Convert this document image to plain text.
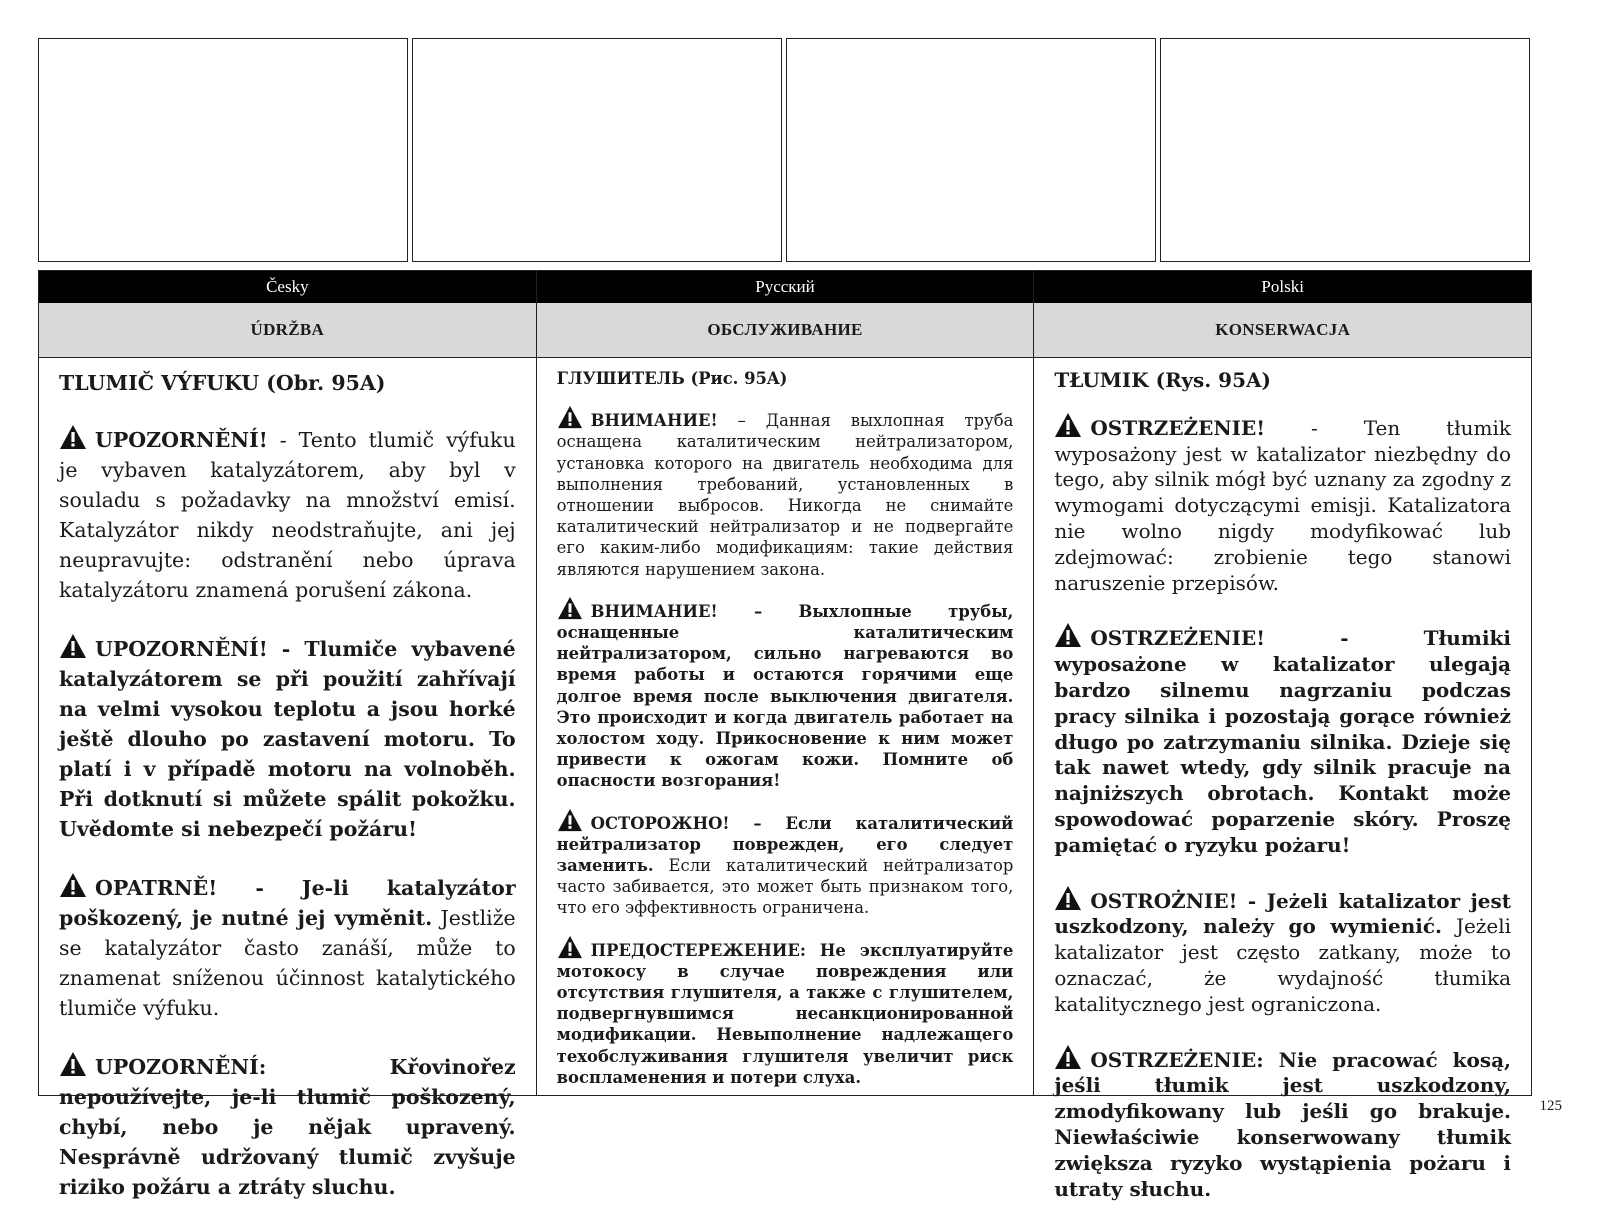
Česky
ÚDRŽBA

TLUMIČ VÝFUKU (Obr. 95A)

UPOZORNĚNÍ! - Tento tlumič výfuku je vybaven katalyzátorem, aby byl v souladu s požadavky na množství emisí. Katalyzátor nikdy neodstraňujte, ani jej neupravujte: odstranění nebo úprava katalyzátoru znamená porušení zákona.

UPOZORNĚNÍ! - Tlumiče vybavené katalyzátorem se při použití zahřívají na velmi vysokou teplotu a jsou horké ještě dlouho po zastavení motoru. To platí i v případě motoru na volnoběh. Při dotknutí si můžete spálit pokožku. Uvědomte si nebezpečí požáru!

OPATRNĚ! - Je-li katalyzátor poškozený, je nutné jej vyměnit. Jestliže se katalyzátor často zanáší, může to znamenat sníženou účinnost katalytického tlumiče výfuku.

UPOZORNĚNÍ: Křovinořez nepoužívejte, je-li tlumič poškozený, chybí, nebo je nějak upravený. Nesprávně udržovaný tlumič zvyšuje riziko požáru a ztráty sluchu.

Русский
ОБСЛУЖИВАНИЕ

ГЛУШИТЕЛЬ (Рис. 95A)

ВНИМАНИЕ! – Данная выхлопная труба оснащена каталитическим нейтрализатором, установка которого на двигатель необходима для выполнения требований, установленных в отношении выбросов. Никогда не снимайте каталитический нейтрализатор и не подвергайте его каким-либо модификациям: такие действия являются нарушением закона.

ВНИМАНИЕ! – Выхлопные трубы, оснащенные каталитическим нейтрализатором, сильно нагреваются во время работы и остаются горячими еще долгое время после выключения двигателя. Это происходит и когда двигатель работает на холостом ходу. Прикосновение к ним может привести к ожогам кожи. Помните об опасности возгорания!

ОСТОРОЖНО! – Если каталитический нейтрализатор поврежден, его следует заменить. Если каталитический нейтрализатор часто забивается, это может быть признаком того, что его эффективность ограничена.

ПРЕДОСТЕРЕЖЕНИЕ: Не эксплуатируйте мотокосу в случае повреждения или отсутствия глушителя, а также с глушителем, подвергнувшимся несанкционированной модификации. Невыполнение надлежащего техобслуживания глушителя увеличит риск воспламенения и потери слуха.

Polski
KONSERWACJA

TŁUMIK (Rys. 95A)

OSTRZEŻENIE! - Ten tłumik wyposażony jest w katalizator niezbędny do tego, aby silnik mógł być uznany za zgodny z wymogami dotyczącymi emisji. Katalizatora nie wolno nigdy modyfikować lub zdejmować: zrobienie tego stanowi naruszenie przepisów.

OSTRZEŻENIE! - Tłumiki wyposażone w katalizator ulegają bardzo silnemu nagrzaniu podczas pracy silnika i pozostają gorące również długo po zatrzymaniu silnika. Dzieje się tak nawet wtedy, gdy silnik pracuje na najniższych obrotach. Kontakt może spowodować poparzenie skóry. Proszę pamiętać o ryzyku pożaru!

OSTROŻNIE! - Jeżeli katalizator jest uszkodzony, należy go wymienić. Jeżeli katalizator jest często zatkany, może to oznaczać, że wydajność tłumika katalitycznego jest ograniczona.

OSTRZEŻENIE: Nie pracować kosą, jeśli tłumik jest uszkodzony, zmodyfikowany lub jeśli go brakuje. Niewłaściwie konserwowany tłumik zwiększa ryzyko wystąpienia pożaru i utraty słuchu.

125
